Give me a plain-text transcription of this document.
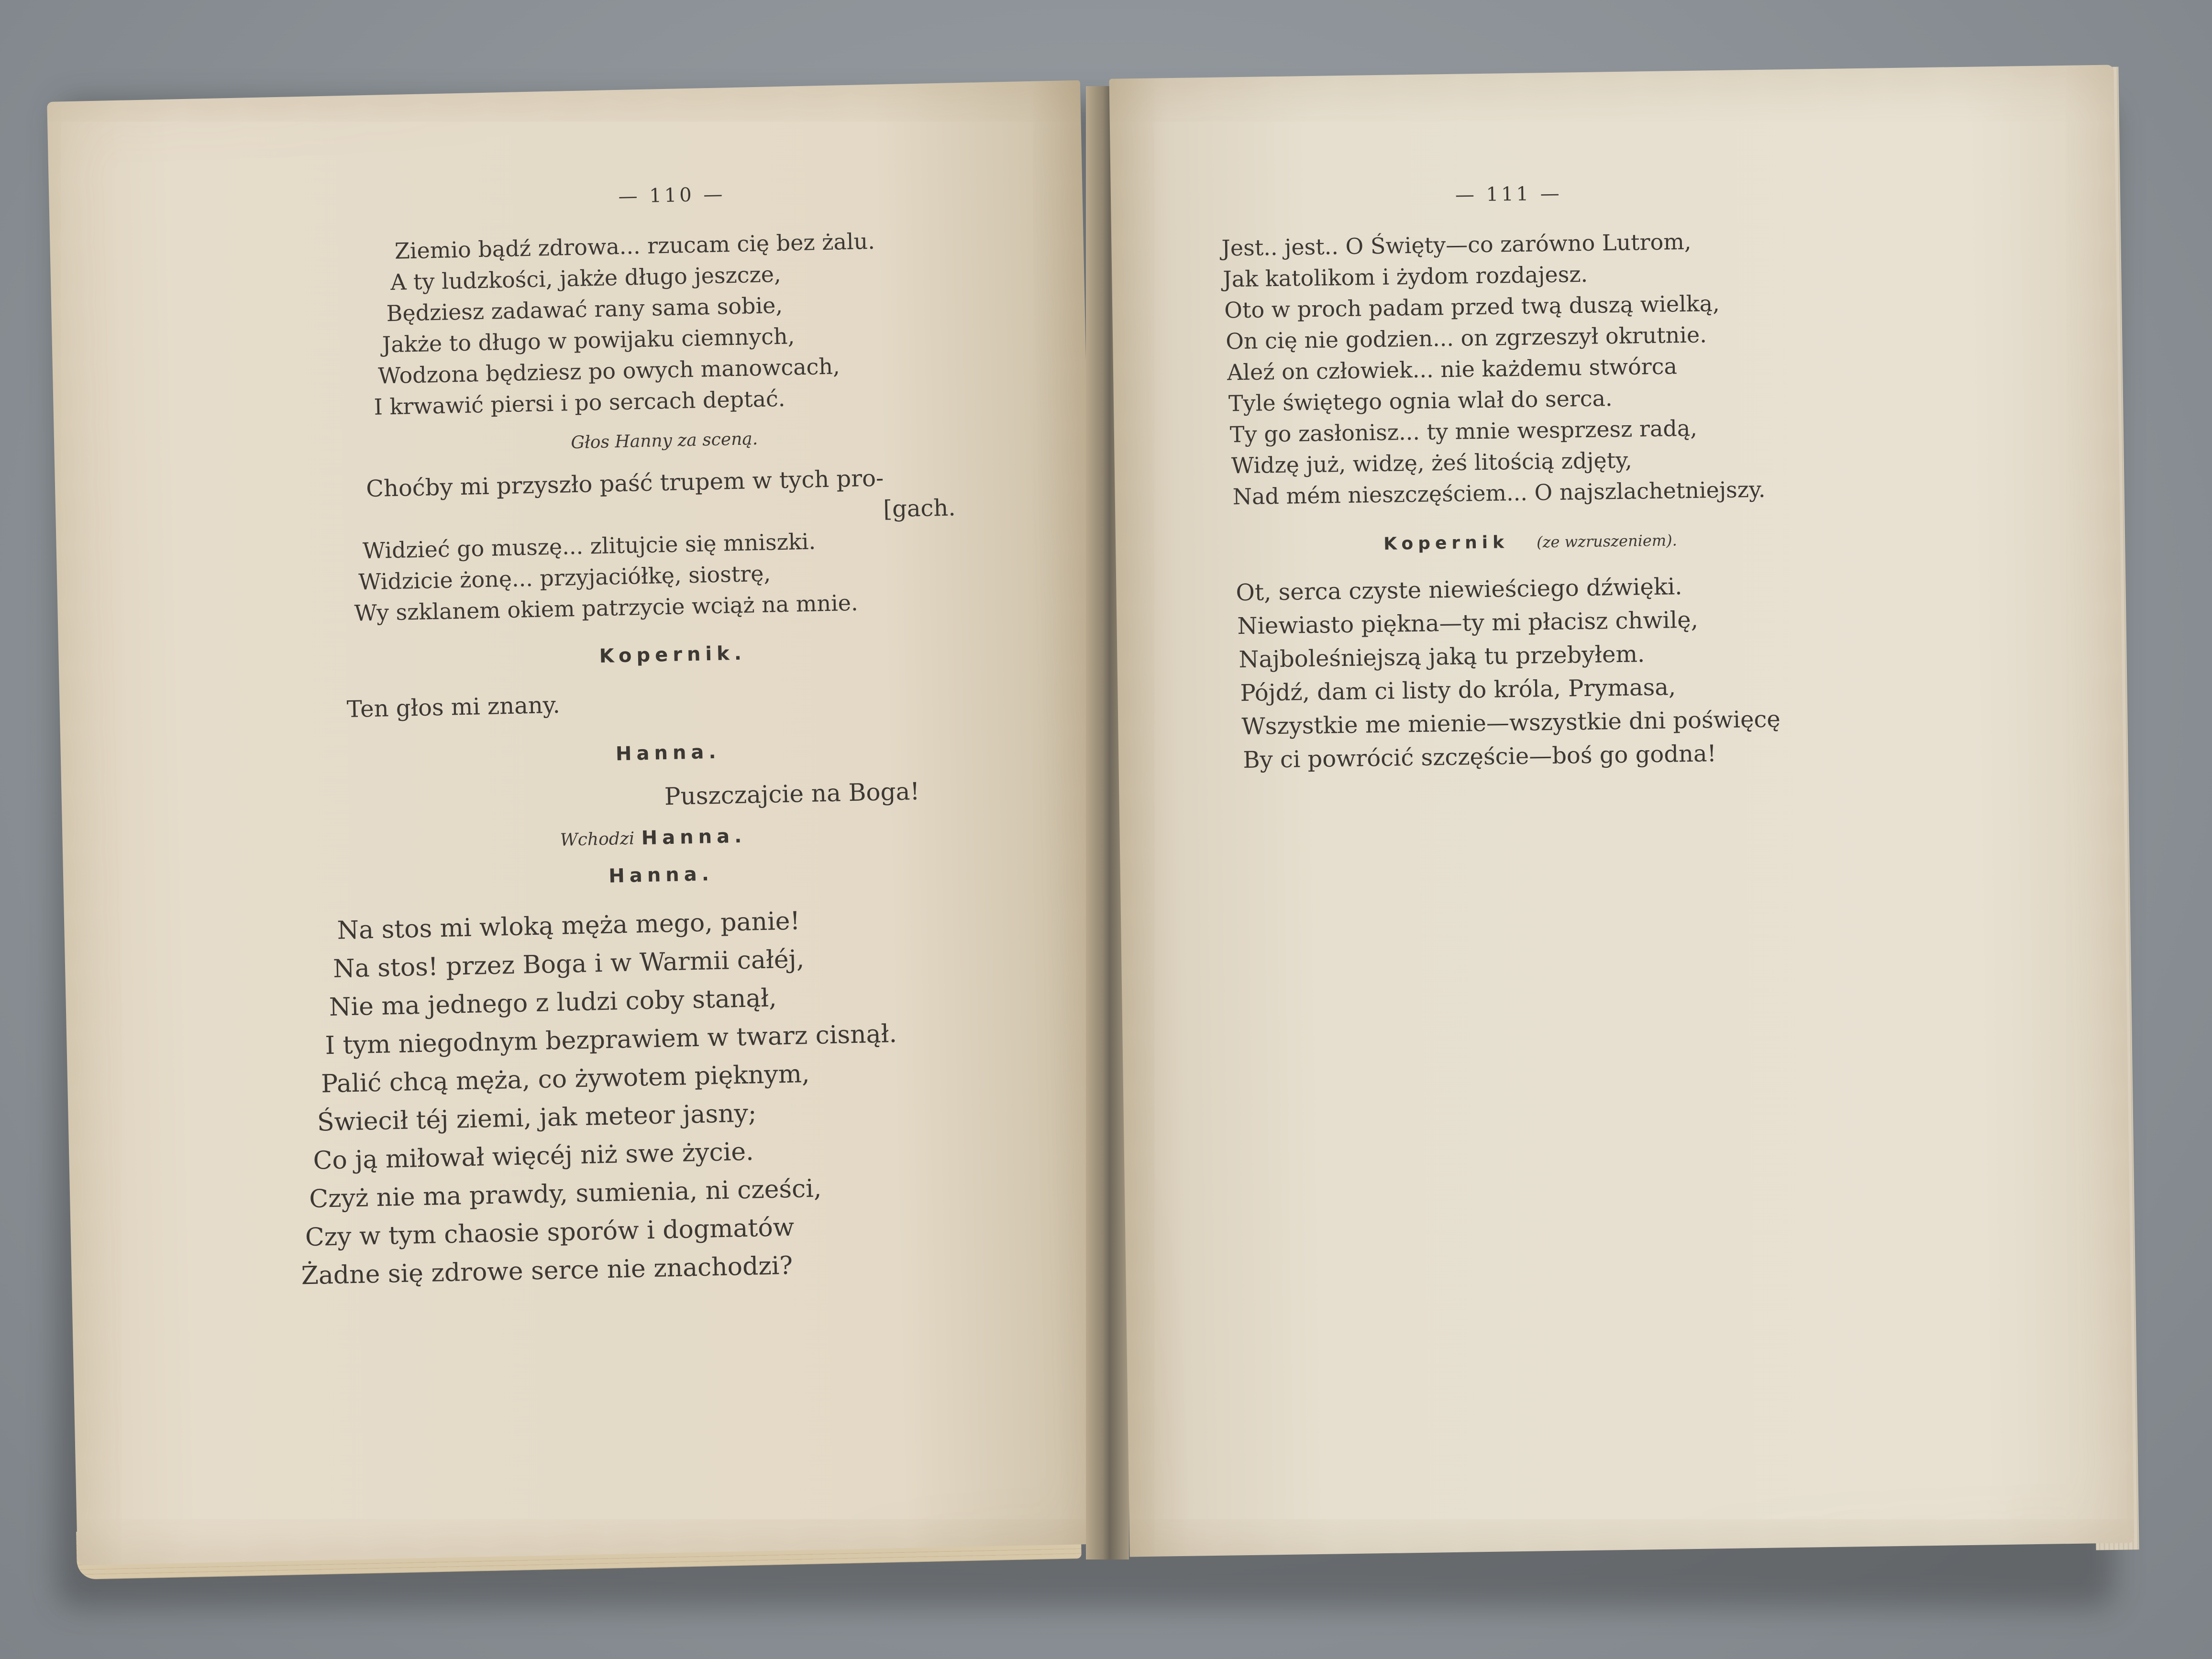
— 110 —

Ziemio bądź zdrowa... rzucam cię bez żalu.

A ty ludzkości, jakże długo jeszcze,

Będziesz zadawać rany sama sobie,

Jakże to długo w powijaku ciemnych,

Wodzona będziesz po owych manowcach,

I krwawić piersi i po sercach deptać.

Głos Hanny za sceną.

Choćby mi przyszło paść trupem w tych pro-

[gach.

Widzieć go muszę... zlitujcie się mniszki.

Widzicie żonę... przyjaciółkę, siostrę,

Wy szklanem okiem patrzycie wciąż na mnie.

Kopernik.

Ten głos mi znany.

Hanna.

Puszczajcie na Boga!

Wchodzi

Hanna.

Hanna.

Na stos mi wloką męża mego, panie!

Na stos! przez Boga i w Warmii całéj,

Nie ma jednego z ludzi coby stanął,

I tym niegodnym bezprawiem w twarz cisnął.

Palić chcą męża, co żywotem pięknym,

Świecił téj ziemi, jak meteor jasny;

Co ją miłował więcéj niż swe życie.

Czyż nie ma prawdy, sumienia, ni cześci,

Czy w tym chaosie sporów i dogmatów

Żadne się zdrowe serce nie znachodzi?

— 111 —

Jest.. jest.. O Święty—co zarówno Lutrom,

Jak katolikom i żydom rozdajesz.

Oto w proch padam przed twą duszą wielką,

On cię nie godzien... on zgrzeszył okrutnie.

Aleź on człowiek... nie każdemu stwórca

Tyle świętego ognia wlał do serca.

Ty go zasłonisz... ty mnie wesprzesz radą,

Widzę już, widzę, żeś litością zdjęty,

Nad mém nieszczęściem... O najszlachetniejszy.

Kopernik

(ze wzruszeniem).

Ot, serca czyste niewieściego dźwięki.

Niewiasto piękna—ty mi płacisz chwilę,

Najboleśniejszą jaką tu przebyłem.

Pójdź, dam ci listy do króla, Prymasa,

Wszystkie me mienie—wszystkie dni poświęcę

By ci powrócić szczęście—boś go godna!
